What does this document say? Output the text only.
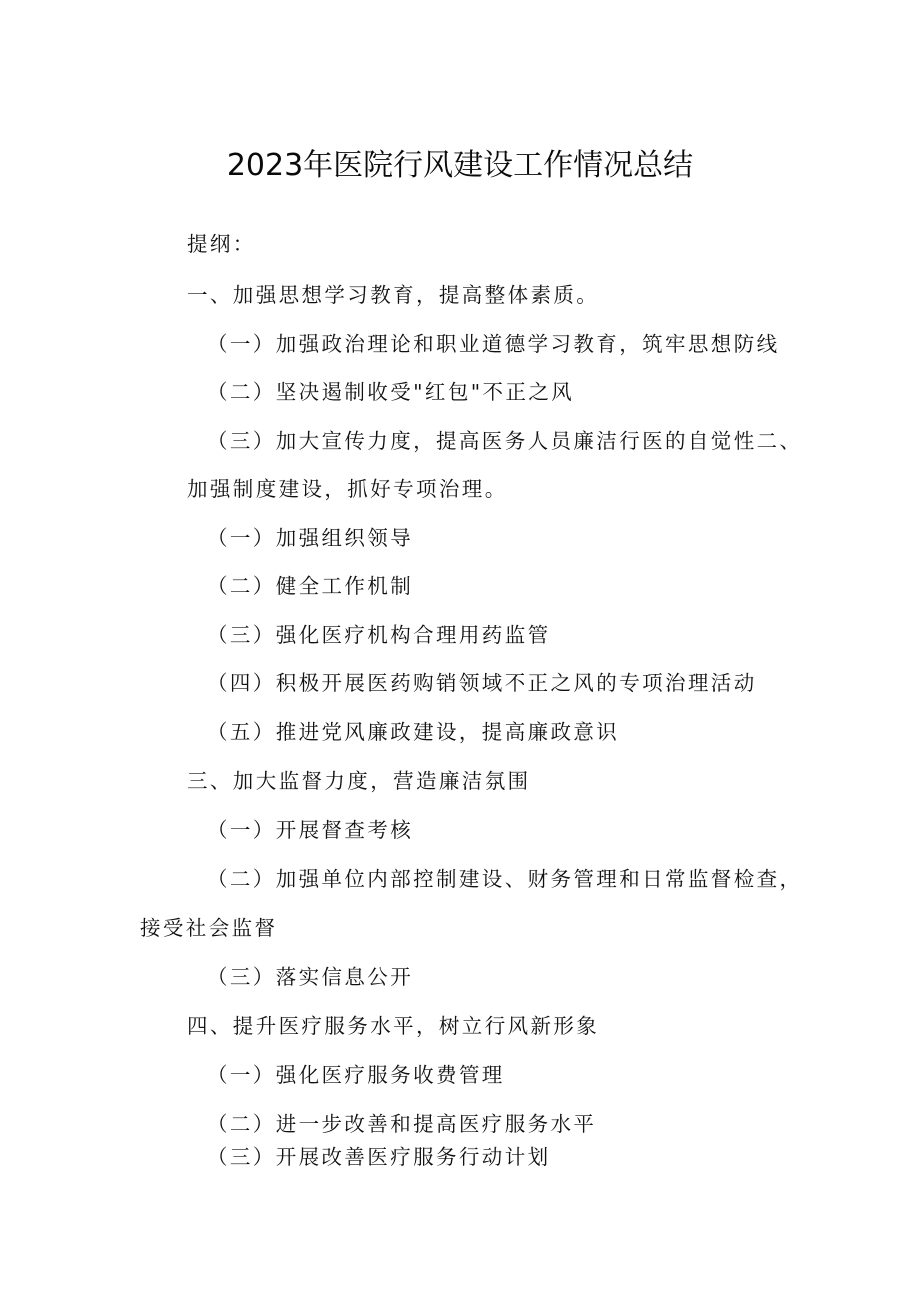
2023年医院行风建设工作情况总结

提纲：

一、加强思想学习教育，提高整体素质。

（一）加强政治理论和职业道德学习教育，筑牢思想防线

（二）坚决遏制收受"红包"不正之风

（三）加大宣传力度，提高医务人员廉洁行医的自觉性二、

加强制度建设，抓好专项治理。

（一）加强组织领导

（二）健全工作机制

（三）强化医疗机构合理用药监管

（四）积极开展医药购销领域不正之风的专项治理活动

（五）推进党风廉政建设，提高廉政意识

三、加大监督力度，营造廉洁氛围

（一）开展督查考核

（二）加强单位内部控制建设、财务管理和日常监督检查，

接受社会监督

（三）落实信息公开

四、提升医疗服务水平，树立行风新形象

（一）强化医疗服务收费管理

（二）进一步改善和提高医疗服务水平

（三）开展改善医疗服务行动计划
